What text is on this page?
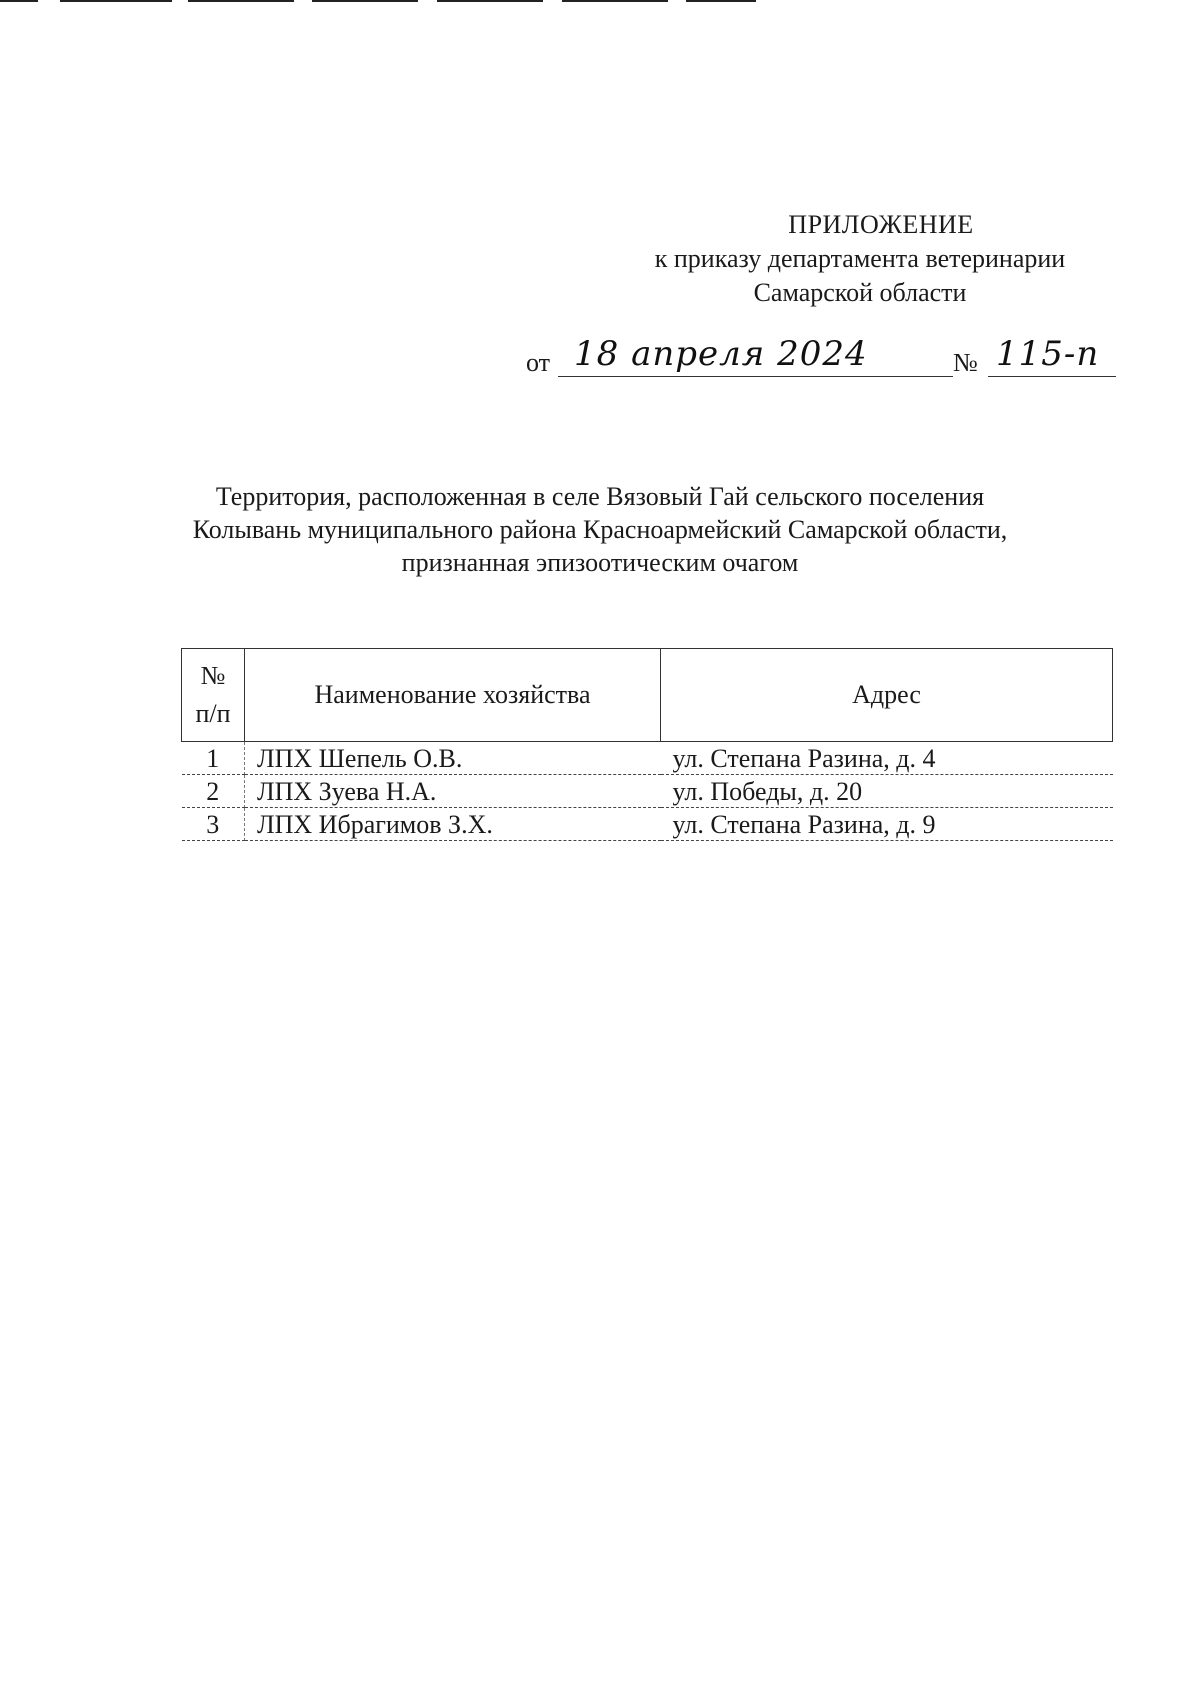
ПРИЛОЖЕНИЕ
к приказу департамента ветеринарии
Самарской области
от 18 апреля 2024	№ 115-п
Территория, расположенная в селе Вязовый Гай сельского поселения
Колывань муниципального района Красноармейский Самарской области,
признанная эпизоотическим очагом
№
п/п	Наименование хозяйства	Адрес
1	ЛПХ Шепель О.В.	ул. Степана Разина, д. 4
2	ЛПХ Зуева Н.А.	ул. Победы, д. 20
3	ЛПХ Ибрагимов З.Х.	ул. Степана Разина, д. 9
